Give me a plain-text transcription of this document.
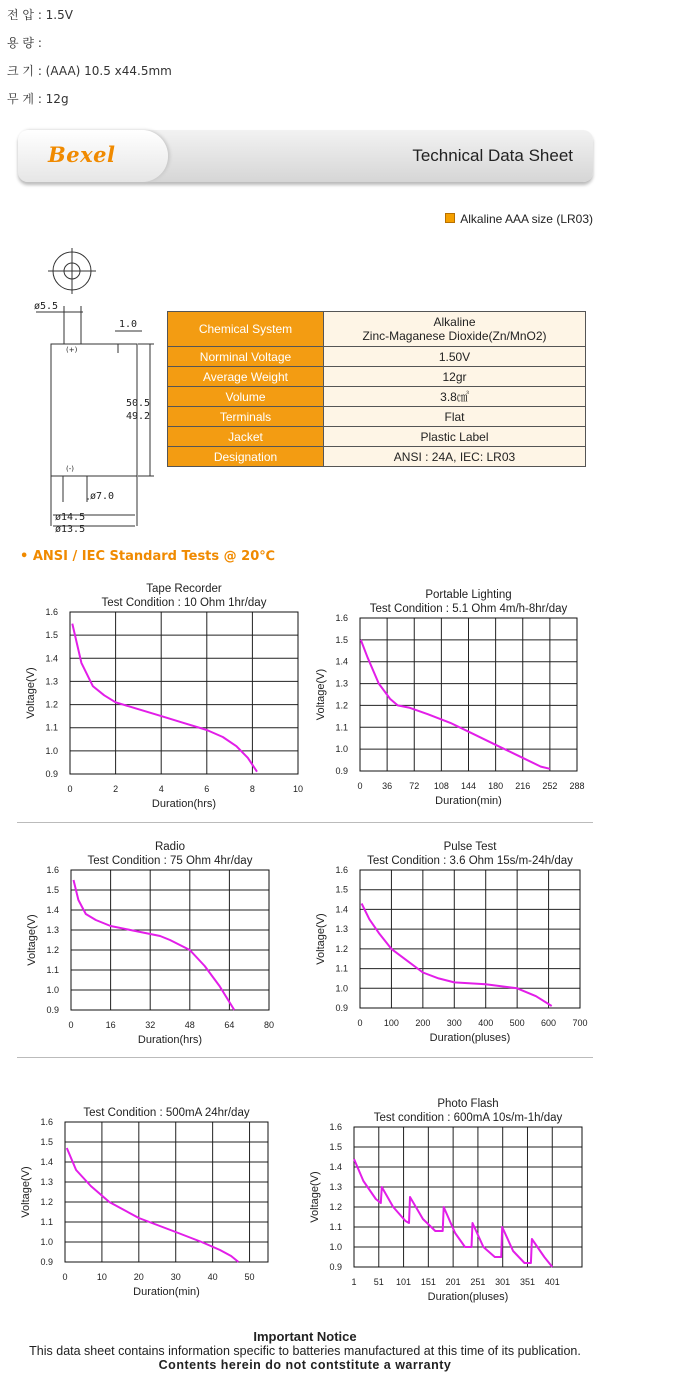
전 압 : 1.5V
용 량 :
크 기 : (AAA) 10.5 x44.5mm
무 게 : 12g
Bexel	Technical Data Sheet
Alkaline AAA size (LR03)
ø5.5
1.0
(+)
(-)
50.5
49.2
ø7.0
ø14.5
ø13.5
Chemical System	Alkaline
Zinc-Maganese Dioxide(Zn/MnO2)

Norminal Voltage	1.50V
Average Weight	12gr
Volume	3.8㎤
Terminals	Flat
Jacket	Plastic Label
Designation	ANSI : 24A, IEC: LR03
• ANSI / IEC Standard Tests @ 20℃
Tape Recorder
Test Condition : 10 Ohm 1hr/day
0.9
1.0
1.1
1.2
1.3
1.4
1.5
1.6
0	2	4	6	8	10
Duration(hrs)
Voltage(V)
Portable Lighting
Test Condition : 5.1 Ohm 4m/h-8hr/day
0.9
1.0
1.1
1.2
1.3
1.4
1.5
1.6
0 36 72 108 144 180 216 252 288
Duration(min)
Voltage(V)
Radio
Test Condition : 75 Ohm 4hr/day
0.9
1.0
1.1
1.2
1.3
1.4
1.5
1.6
0	16	32	48	64	80
Duration(hrs)
Voltage(V)
Pulse Test
Test Condition : 3.6 Ohm 15s/m-24h/day
0.9
1.0
1.1
1.2
1.3
1.4
1.5
1.6
0 100 200 300 400 500 600 700
Duration(pluses)
Voltage(V)
Test Condition : 500mA 24hr/day
0.9
1.0
1.1
1.2
1.3
1.4
1.5
1.6
0	10	20	30	40	50
Duration(min)
Voltage(V)
Photo Flash
Test condition : 600mA 10s/m-1h/day
0.9
1.0
1.1
1.2
1.3
1.4
1.5
1.6
1 51 101 151 201 251 301 351 401
Duration(pluses)
Voltage(V)
Important Notice
This data sheet contains information specific to batteries manufactured at this time of its publication.
Contents herein do not contstitute a warranty
